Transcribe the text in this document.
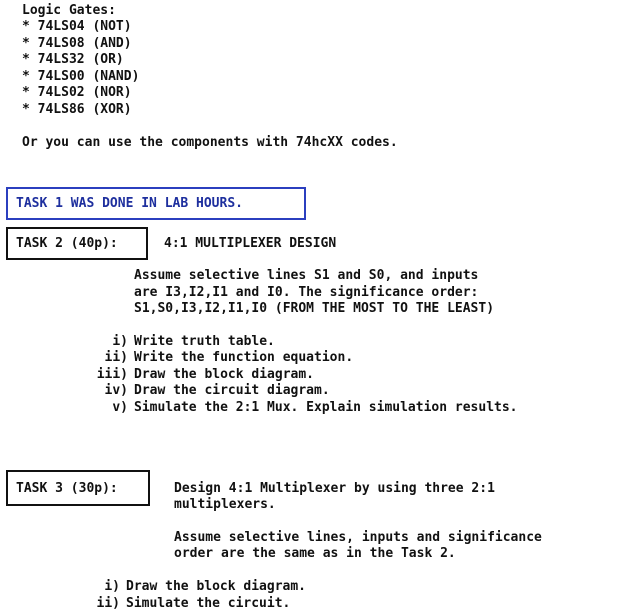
Logic Gates:
* 74LS04 (NOT)
* 74LS08 (AND)
* 74LS32 (OR)
* 74LS00 (NAND)
* 74LS02 (NOR)
* 74LS86 (XOR)
Or you can use the components with 74hcXX codes.
TASK 1 WAS DONE IN LAB HOURS.
TASK 2 (40p):	4:1 MULTIPLEXER DESIGN
Assume selective lines S1 and S0, and inputs
are I3,I2,I1 and I0. The significance order:
S1,S0,I3,I2,I1,I0 (FROM THE MOST TO THE LEAST)
i) Write truth table.
ii) Write the function equation.
iii) Draw the block diagram.
iv) Draw the circuit diagram.
v) Simulate the 2:1 Mux. Explain simulation results.
TASK 3 (30p):	Design 4:1 Multiplexer by using three 2:1
multiplexers.
Assume selective lines, inputs and significance
order are the same as in the Task 2.
i) Draw the block diagram.
ii) Simulate the circuit.
